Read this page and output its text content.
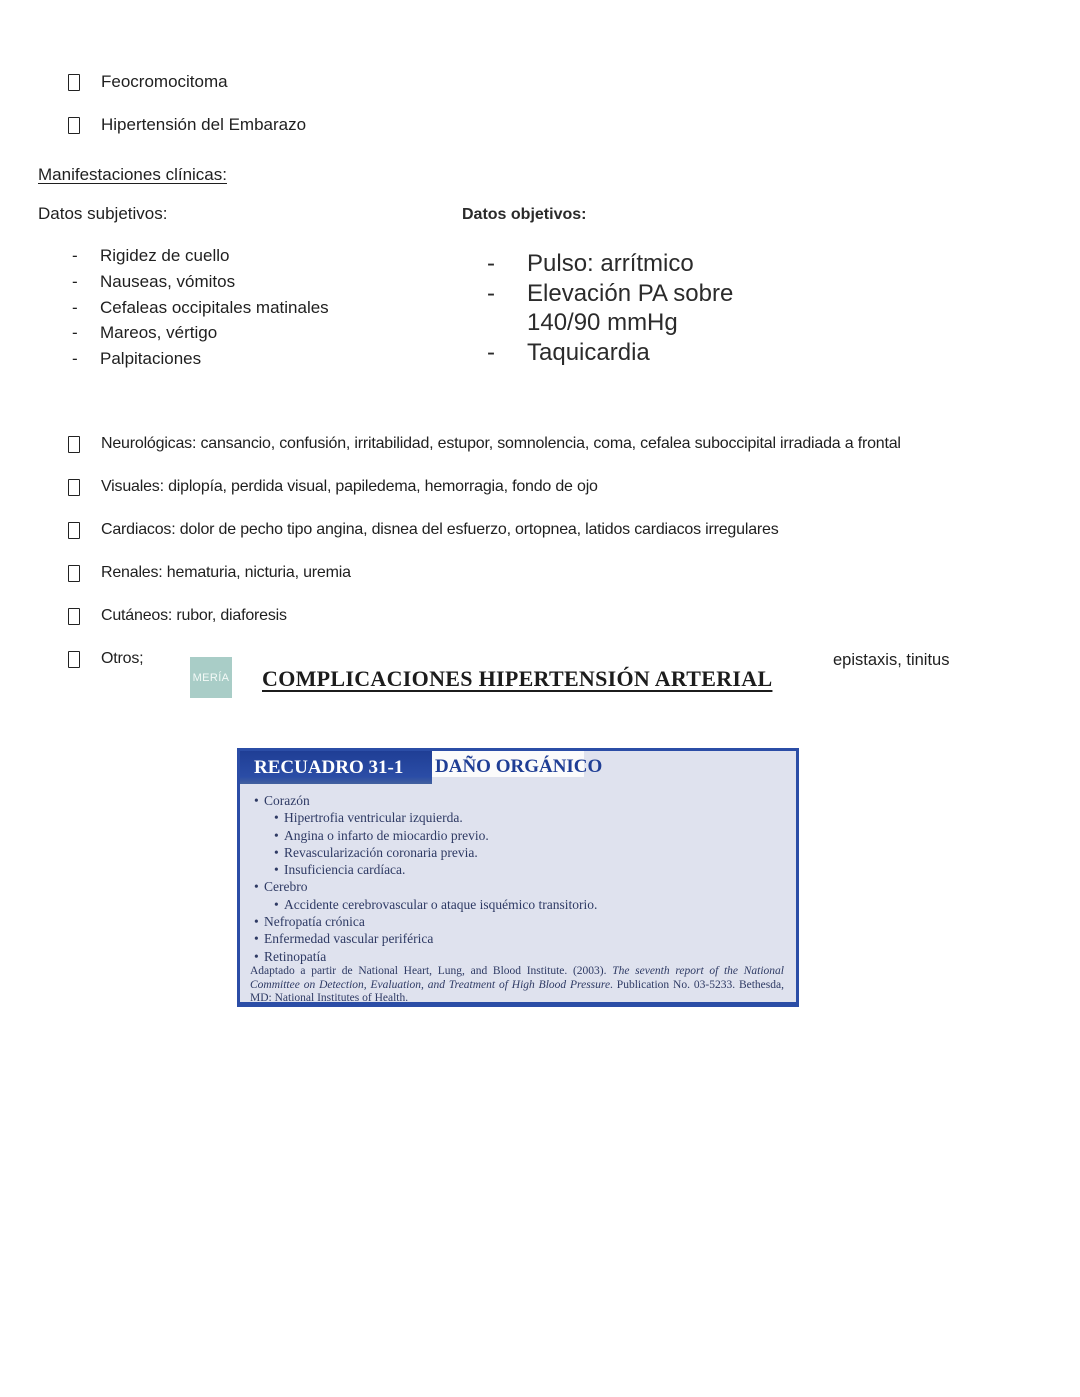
Feocromocitoma
Hipertensión del Embarazo
Manifestaciones clínicas:
Datos subjetivos:
-	Rigidez de cuello
-	Nauseas, vómitos
-	Cefaleas occipitales matinales
-	Mareos, vértigo
-	Palpitaciones
Datos objetivos:
-	Pulso: arrítmico
-	Elevación PA sobre
140/90 mmHg
-	Taquicardia
Neurológicas: cansancio, confusión, irritabilidad, estupor, somnolencia, coma, cefalea suboccipital irradiada a frontal
Visuales: diplopía, perdida visual, papiledema, hemorragia, fondo de ojo
Cardiacos: dolor de pecho tipo angina, disnea del esfuerzo, ortopnea, latidos cardiacos irregulares
Renales: hematuria, nicturia, uremia
Cutáneos: rubor, diaforesis
Otros;	epistaxis, tinitus
MERÍA COMPLICACIONES HIPERTENSIÓN ARTERIAL
RECUADRO 31-1	DAÑO ORGÁNICO
• Corazón
• Hipertrofia ventricular izquierda.
• Angina o infarto de miocardio previo.
• Revascularización coronaria previa.
• Insuficiencia cardíaca.
• Cerebro
• Accidente cerebrovascular o ataque isquémico transitorio.
• Nefropatía crónica
• Enfermedad vascular periférica
• Retinopatía
Adaptado a partir de National Heart, Lung, and Blood Institute. (2003). The seventh report of the National Committee on Detection, Evaluation, and Treatment of High Blood Pressure. Publication No. 03-5233. Bethesda, MD: National Institutes of Health.
